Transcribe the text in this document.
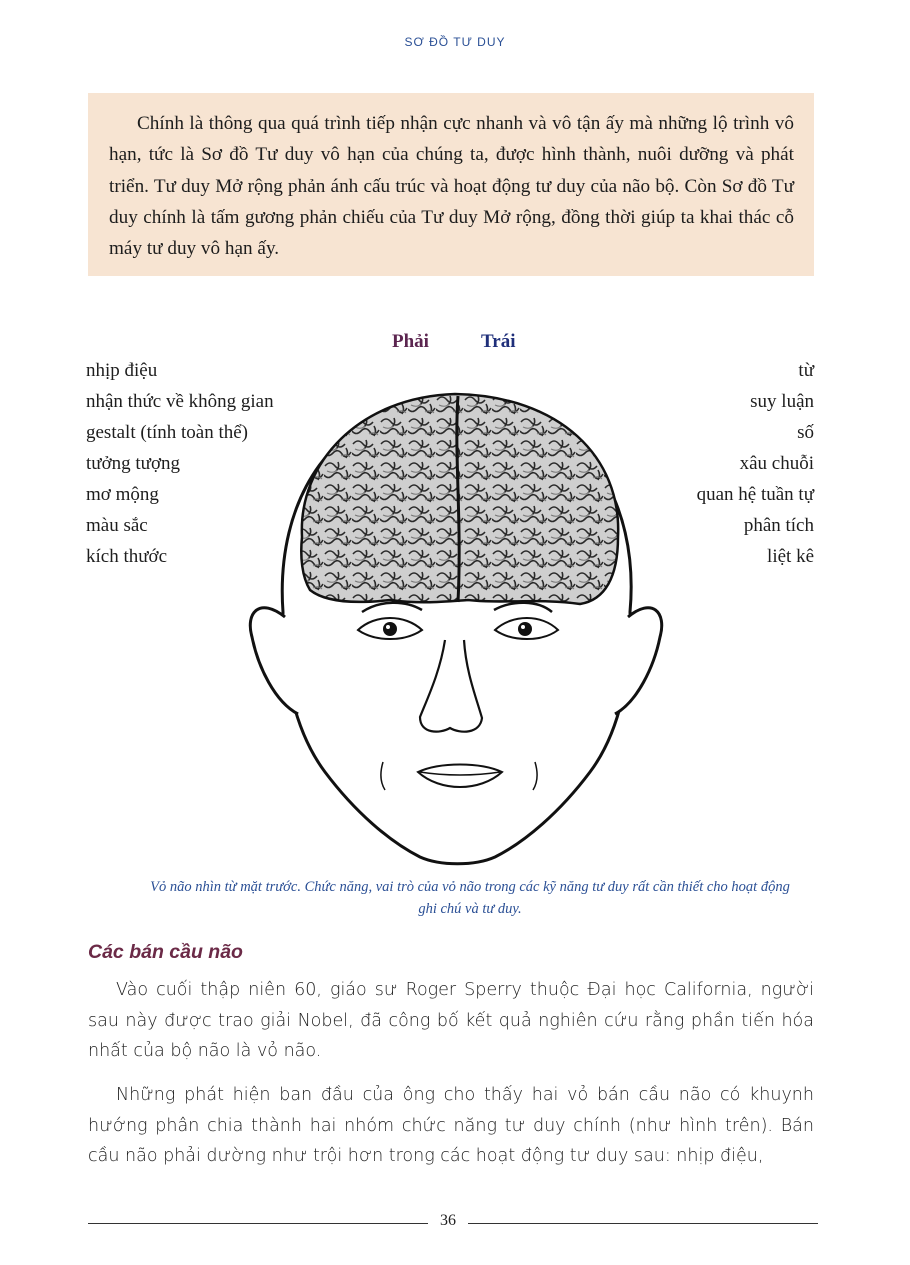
SƠ ĐỒ TƯ DUY

Chính là thông qua quá trình tiếp nhận cực nhanh và vô tận ấy mà những lộ trình vô hạn, tức là Sơ đồ Tư duy vô hạn của chúng ta, được hình thành, nuôi dưỡng và phát triển. Tư duy Mở rộng phản ánh cấu trúc và hoạt động tư duy của não bộ. Còn Sơ đồ Tư duy chính là tấm gương phản chiếu của Tư duy Mở rộng, đồng thời giúp ta khai thác cỗ máy tư duy vô hạn ấy.

Phải	Trái
nhịp điệu
nhận thức về không gian
gestalt (tính toàn thể)
tưởng tượng
mơ mộng
màu sắc
kích thước
từ
suy luận
số
xâu chuỗi
quan hệ tuần tự
phân tích
liệt kê
Vỏ não nhìn từ mặt trước. Chức năng, vai trò của vỏ não trong các kỹ năng tư duy rất cần thiết cho hoạt động ghi chú và tư duy.
Các bán cầu não

Vào cuối thập niên 60, giáo sư Roger Sperry thuộc Đại học California, người sau này được trao giải Nobel, đã công bố kết quả nghiên cứu rằng phần tiến hóa nhất của bộ não là vỏ não.

Những phát hiện ban đầu của ông cho thấy hai vỏ bán cầu não có khuynh hướng phân chia thành hai nhóm chức năng tư duy chính (như hình trên). Bán cầu não phải dường như trội hơn trong các hoạt động tư duy sau: nhịp điệu,

36
